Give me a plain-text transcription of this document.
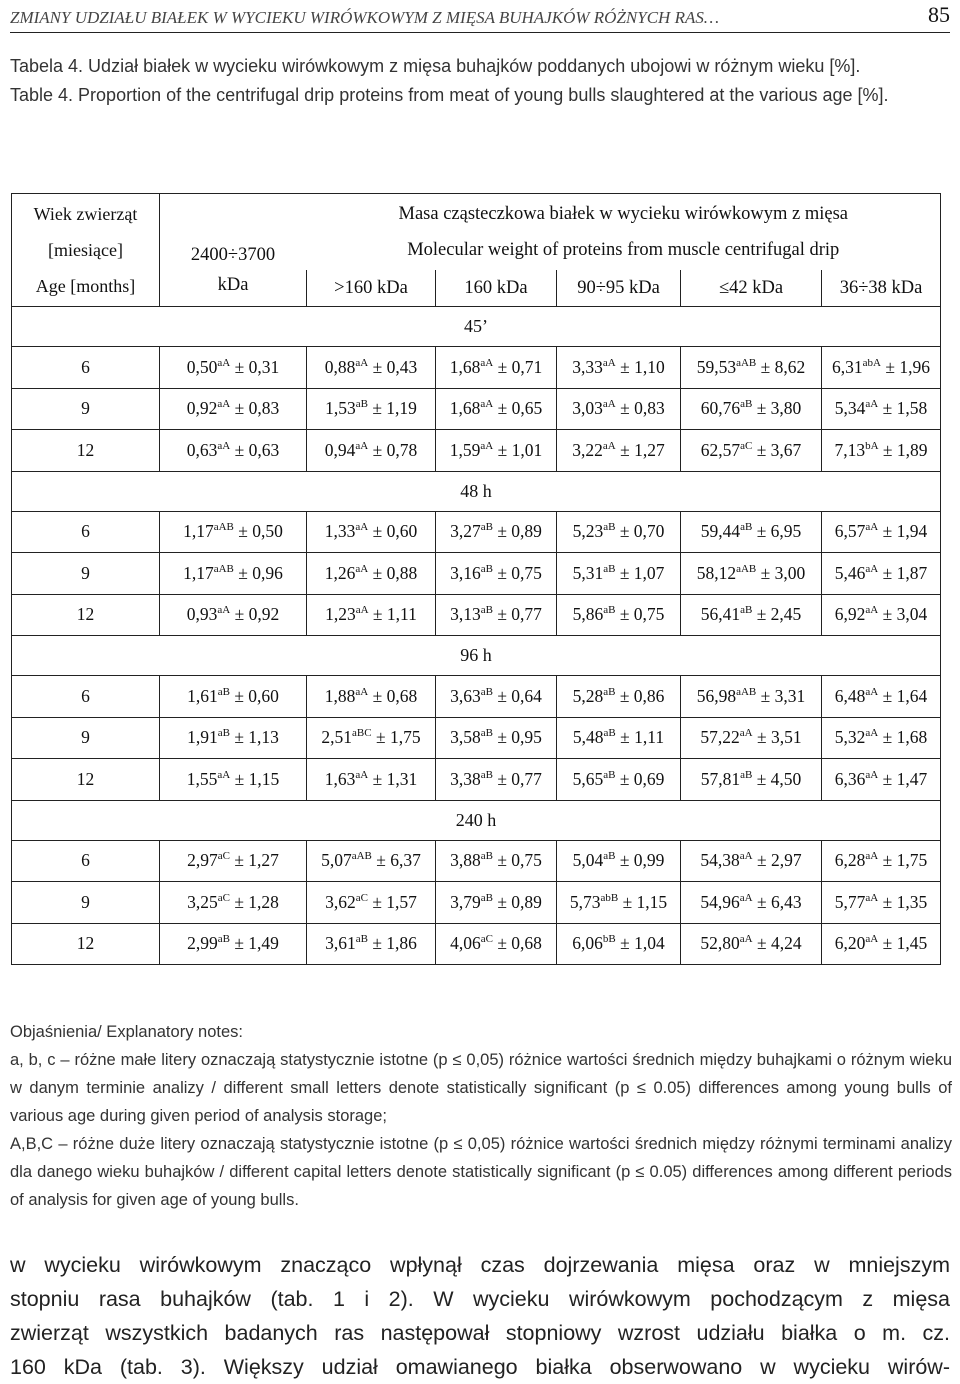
ZMIANY UDZIAŁU BIAŁEK W WYCIEKU WIRÓWKOWYM Z MIĘSA BUHAJKÓW RÓŻNYCH RAS…	85

Tabela 4. Udział białek w wycieku wirówkowym z mięsa buhajków poddanych ubojowi w różnym wieku [%].

Table 4. Proportion of the centrifugal drip proteins from meat of young bulls slaughtered at the various age [%].

Wiek zwierząt
[miesiące]
Age [months]		Masa cząsteczkowa białek w wycieku wirówkowym z mięsa
Molecular weight of proteins from muscle centrifugal drip				

	2400÷3700
kDa	>160 kDa	160 kDa	90÷95 kDa	≤42 kDa	36÷38 kDa
45’						
6	$0,50^{aA} \pm 0,31$	$0,88^{aA} \pm 0,43$	$1,68^{aA} \pm 0,71$	$3,33^{aA} \pm 1,10$	$59,53^{aAB} \pm 8,62$	$6,31^{abA} \pm 1,96$
9	$0,92^{aA} \pm 0,83$	$1,53^{aB} \pm 1,19$	$1,68^{aA} \pm 0,65$	$3,03^{aA} \pm 0,83$	$60,76^{aB} \pm 3,80$	$5,34^{aA} \pm 1,58$
12	$0,63^{aA} \pm 0,63$	$0,94^{aA} \pm 0,78$	$1,59^{aA} \pm 1,01$	$3,22^{aA} \pm 1,27$	$62,57^{aC} \pm 3,67$	$7,13^{bA} \pm 1,89$
48 h						
6	$1,17^{aAB} \pm 0,50$	$1,33^{aA} \pm 0,60$	$3,27^{aB} \pm 0,89$	$5,23^{aB} \pm 0,70$	$59,44^{aB} \pm 6,95$	$6,57^{aA} \pm 1,94$
9	$1,17^{aAB} \pm 0,96$	$1,26^{aA} \pm 0,88$	$3,16^{aB} \pm 0,75$	$5,31^{aB} \pm 1,07$	$58,12^{aAB} \pm 3,00$	$5,46^{aA} \pm 1,87$
12	$0,93^{aA} \pm 0,92$	$1,23^{aA} \pm 1,11$	$3,13^{aB} \pm 0,77$	$5,86^{aB} \pm 0,75$	$56,41^{aB} \pm 2,45$	$6,92^{aA} \pm 3,04$
96 h						
6	$1,61^{aB} \pm 0,60$	$1,88^{aA} \pm 0,68$	$3,63^{aB} \pm 0,64$	$5,28^{aB} \pm 0,86$	$56,98^{aAB} \pm 3,31$	$6,48^{aA} \pm 1,64$
9	$1,91^{aB} \pm 1,13$	$2,51^{aBC} \pm 1,75$	$3,58^{aB} \pm 0,95$	$5,48^{aB} \pm 1,11$	$57,22^{aA} \pm 3,51$	$5,32^{aA} \pm 1,68$
12	$1,55^{aA} \pm 1,15$	$1,63^{aA} \pm 1,31$	$3,38^{aB} \pm 0,77$	$5,65^{aB} \pm 0,69$	$57,81^{aB} \pm 4,50$	$6,36^{aA} \pm 1,47$
240 h						
6	$2,97^{aC} \pm 1,27$	$5,07^{aAB} \pm 6,37$	$3,88^{aB} \pm 0,75$	$5,04^{aB} \pm 0,99$	$54,38^{aA} \pm 2,97$	$6,28^{aA} \pm 1,75$
9	$3,25^{aC} \pm 1,28$	$3,62^{aC} \pm 1,57$	$3,79^{aB} \pm 0,89$	$5,73^{abB} \pm 1,15$	$54,96^{aA} \pm 6,43$	$5,77^{aA} \pm 1,35$
12	$2,99^{aB} \pm 1,49$	$3,61^{aB} \pm 1,86$	$4,06^{aC} \pm 0,68$	$6,06^{bB} \pm 1,04$	$52,80^{aA} \pm 4,24$	$6,20^{aA} \pm 1,45$

Objaśnienia/ Explanatory notes:

a, b, c – różne małe litery oznaczają statystycznie istotne (p ≤ 0,05) różnice wartości średnich między buhajkami o różnym wieku w danym terminie analizy / different small letters denote statistically significant (p ≤ 0.05) differences among young bulls of various age during given period of analysis storage;

A,B,C – różne duże litery oznaczają statystycznie istotne (p ≤ 0,05) różnice wartości średnich między różnymi terminami analizy dla danego wieku buhajków / different capital letters denote statistically significant (p ≤ 0.05) differences among different periods of analysis for given age of young bulls.

w wycieku wirówkowym znacząco wpłynął czas dojrzewania mięsa oraz w mniejszym
stopniu rasa buhajków (tab. 1 i 2). W wycieku wirówkowym pochodzącym z mięsa
zwierząt wszystkich badanych ras następował stopniowy wzrost udziału białka o m. cz.
160 kDa (tab. 3). Większy udział omawianego białka obserwowano w wycieku wirów-
